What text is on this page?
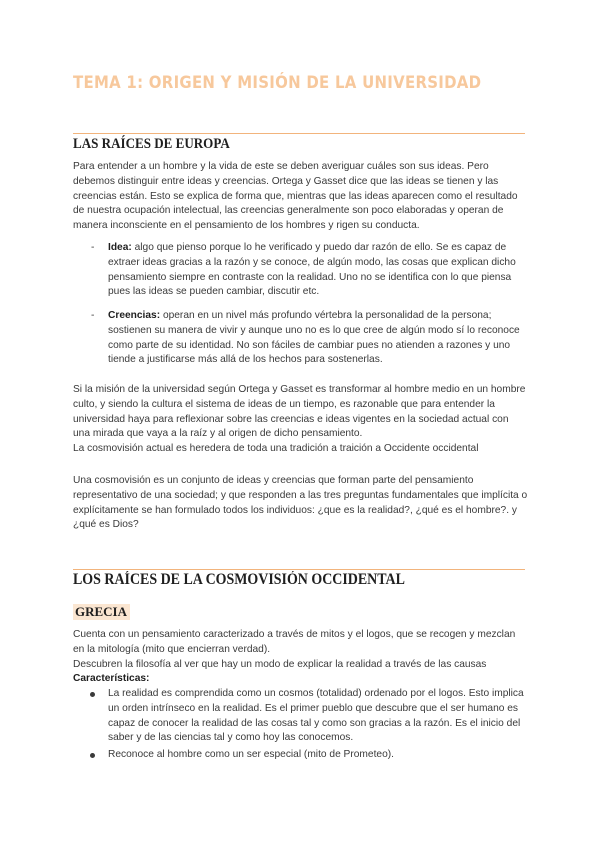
TEMA 1: ORIGEN Y MISIÓN DE LA UNIVERSIDAD
LAS RAÍCES DE EUROPA

Para entender a un hombre y la vida de este se deben averiguar cuáles son sus ideas. Pero debemos distinguir entre ideas y creencias. Ortega y Gasset dice que las ideas se tienen y las creencias están. Esto se explica de forma que, mientras que las ideas aparecen como el resultado de nuestra ocupación intelectual, las creencias generalmente son poco elaboradas y operan de manera inconsciente en el pensamiento de los hombres y rigen su conducta.

- Idea: algo que pienso porque lo he verificado y puedo dar razón de ello. Se es capaz de extraer ideas gracias a la razón y se conoce, de algún modo, las cosas que explican dicho pensamiento siempre en contraste con la realidad. Uno no se identifica con lo que piensa pues las ideas se pueden cambiar, discutir etc.
- Creencias: operan en un nivel más profundo vértebra la personalidad de la persona; sostienen su manera de vivir y aunque uno no es lo que cree de algún modo sí lo reconoce como parte de su identidad. No son fáciles de cambiar pues no atienden a razones y uno tiende a justificarse más allá de los hechos para sostenerlas.

Si la misión de la universidad según Ortega y Gasset es transformar al hombre medio en un hombre culto, y siendo la cultura el sistema de ideas de un tiempo, es razonable que para entender la universidad haya para reflexionar sobre las creencias e ideas vigentes en la sociedad actual con una mirada que vaya a la raíz y al origen de dicho pensamiento.

La cosmovisión actual es heredera de toda una tradición a traición a Occidente occidental

Una cosmovisión es un conjunto de ideas y creencias que forman parte del pensamiento representativo de una sociedad; y que responden a las tres preguntas fundamentales que implícita o explícitamente se han formulado todos los individuos: ¿que es la realidad?, ¿qué es el hombre?. y ¿qué es Dios?

LOS RAÍCES DE LA COSMOVISIÓN OCCIDENTAL
GRECIA

Cuenta con un pensamiento caracterizado a través de mitos y el logos, que se recogen y mezclan en la mitología (mito que encierran verdad).

Descubren la filosofía al ver que hay un modo de explicar la realidad a través de las causas

Características:

La realidad es comprendida como un cosmos (totalidad) ordenado por el logos. Esto implica un orden intrínseco en la realidad. Es el primer pueblo que descubre que el ser humano es capaz de conocer la realidad de las cosas tal y como son gracias a la razón. Es el inicio del saber y de las ciencias tal y como hoy las conocemos.
Reconoce al hombre como un ser especial (mito de Prometeo).
